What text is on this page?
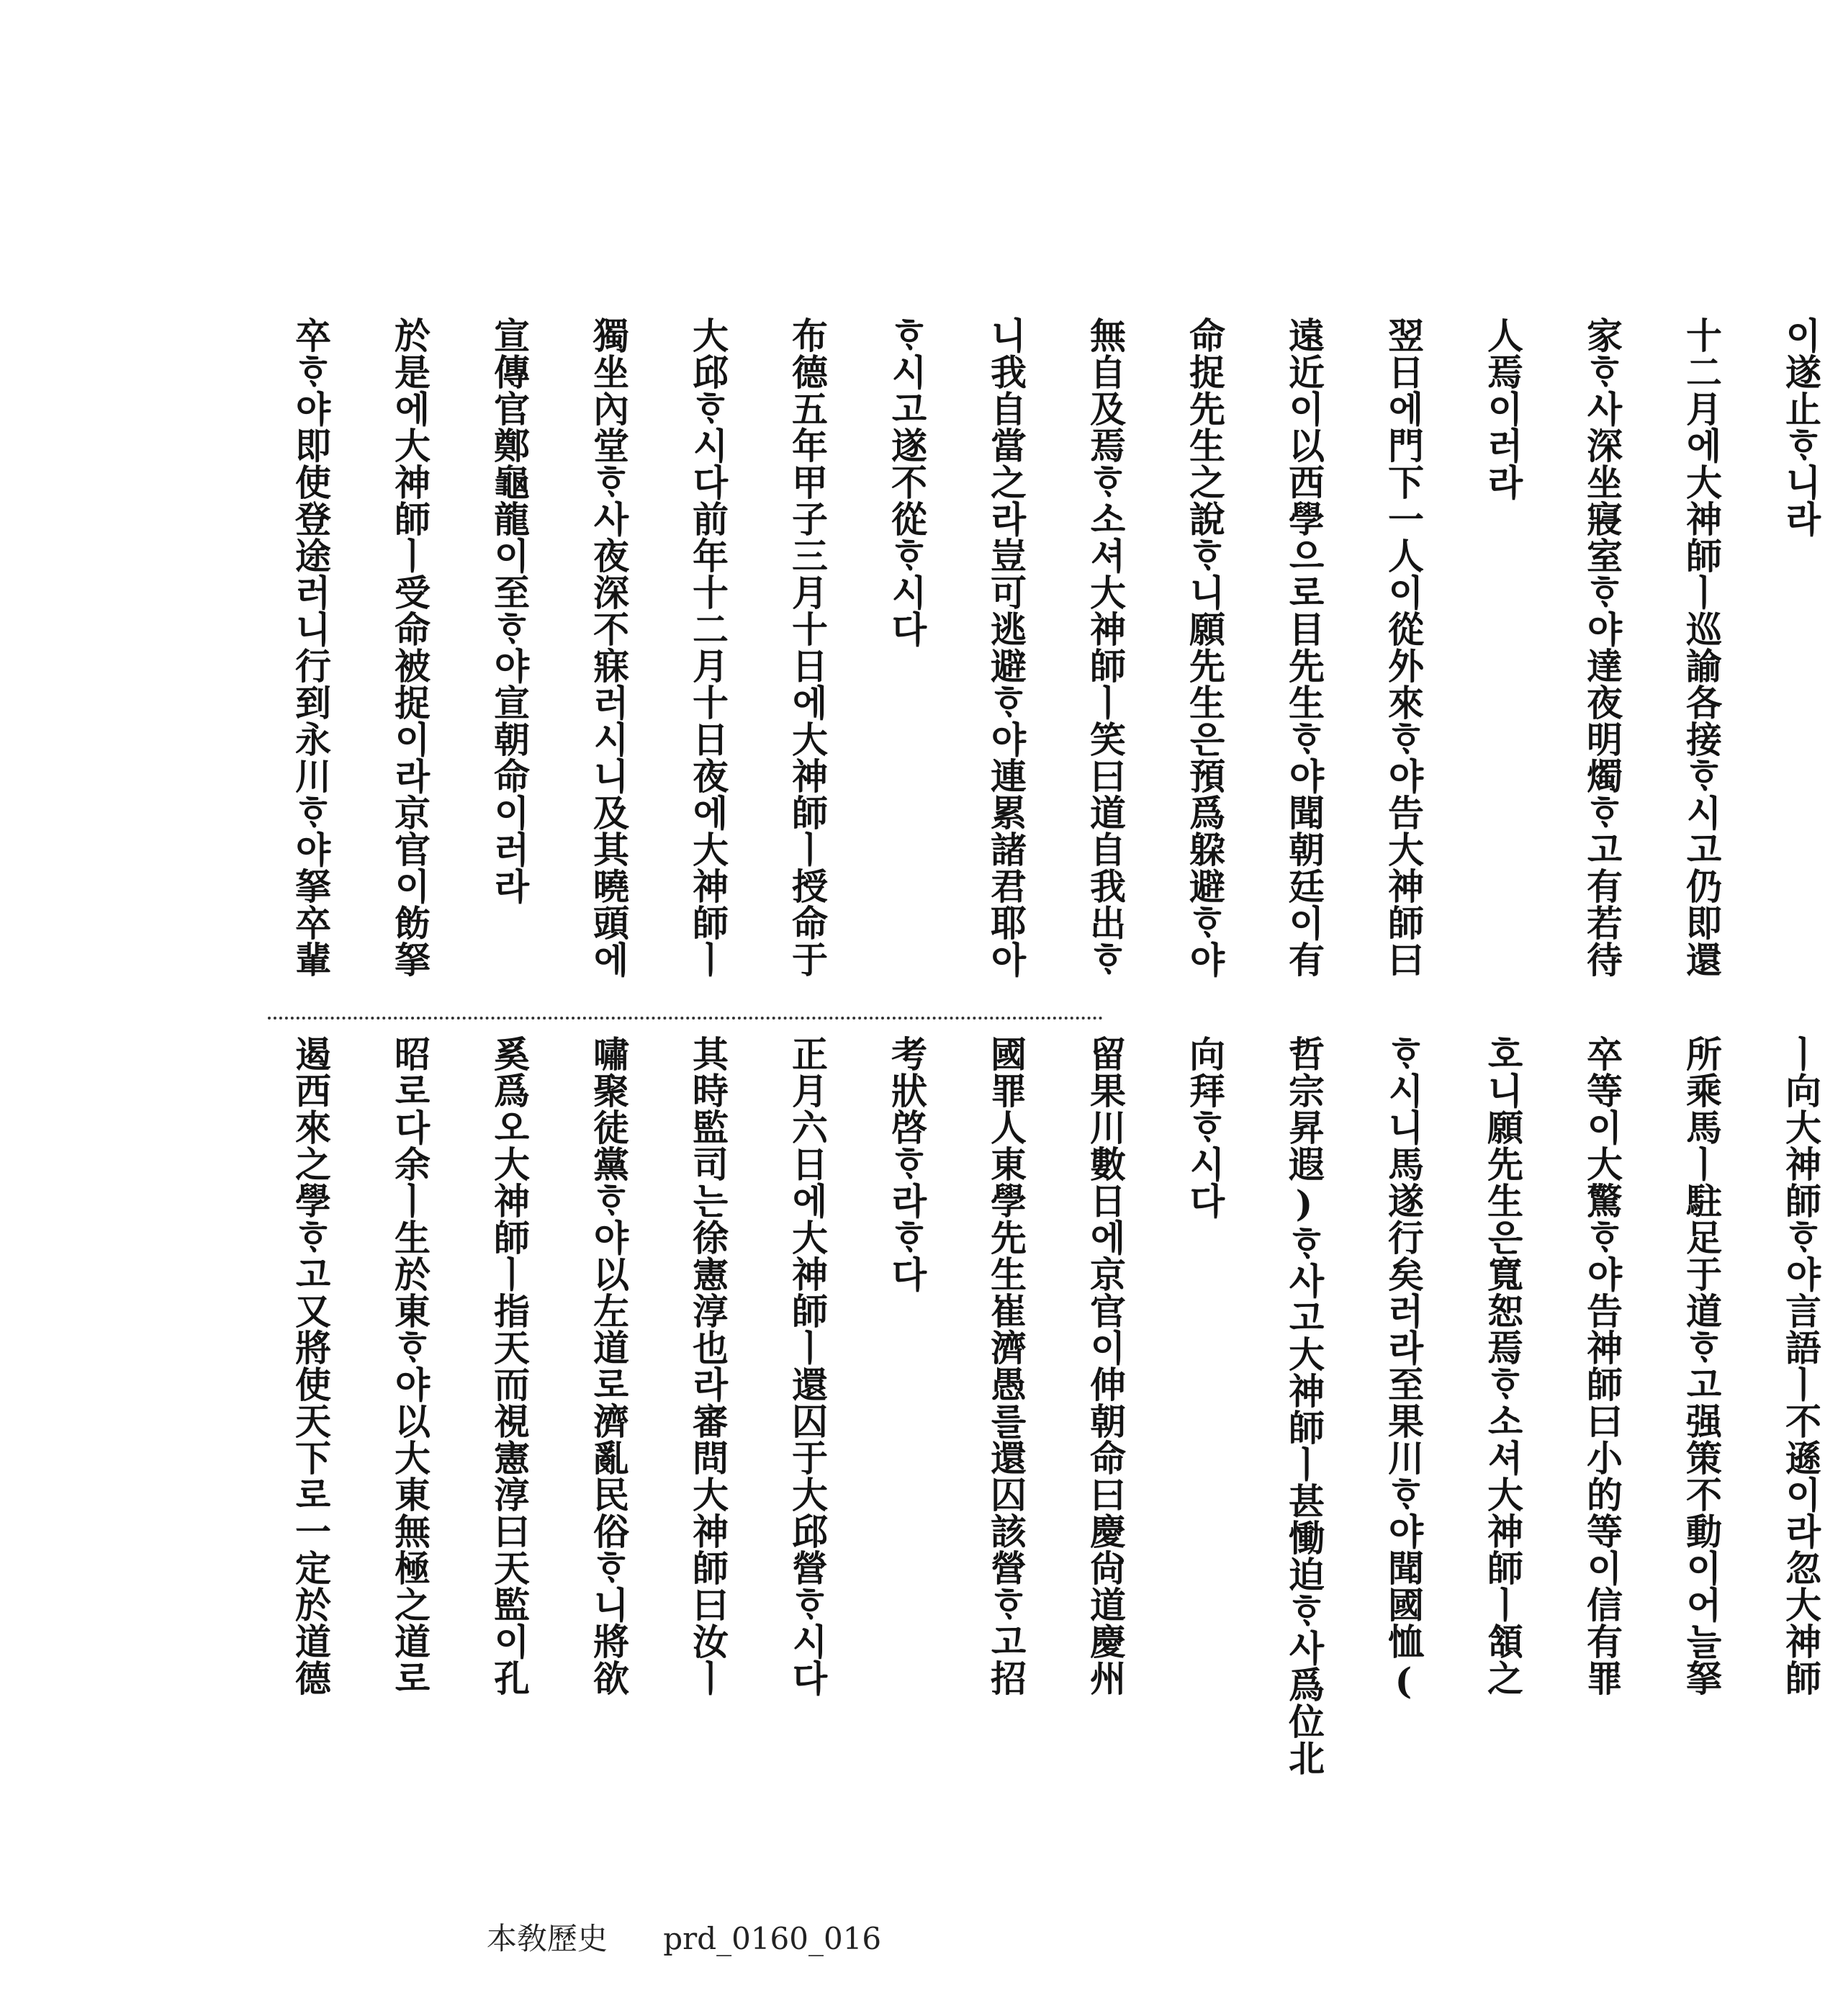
이遂止ᄒᆞ니라
十二月에大神師ㅣ巡諭各接ᄒᆞ시고仍即還
家ᄒᆞ사深坐寢室ᄒᆞ야達夜明燭ᄒᆞ고有若待
人焉이러라
翌日에門下一人이從外來ᄒᆞ야告大神師曰
遠近이以西學으로目先生ᄒᆞ야聞朝廷이有
命捉先生之說ᄒᆞ니願先生은預爲躱避ᄒᆞ야
無自及焉ᄒᆞ소셔大神師ㅣ笑曰道自我出ᄒᆞ
니我自當之라豈可逃避ᄒᆞ야連累諸君耶아
ᄒᆞ시고遂不從ᄒᆞ시다
布德五年甲子三月十日에大神師ㅣ授命于
大邱ᄒᆞ시다前年十二月十日夜에大神師ㅣ
獨坐內堂ᄒᆞ사夜深不寐러시니及其曉頭에
宣傳官鄭龜龍이至ᄒᆞ야宣朝命이러라
於是에大神師ㅣ受命被捉이라京官이飭拏
卒ᄒᆞ야即使登途러니行到永川ᄒᆞ야拏卒輩
ㅣ向大神師ᄒᆞ야言語ㅣ不遜이라忽大神師
所乘馬ㅣ駐足于道ᄒᆞ고强策不動이어늘拏
卒等이大驚ᄒᆞ야告神師曰小的等이信有罪
호니願先生은寬恕焉ᄒᆞ소셔大神師ㅣ頷之
ᄒᆞ시니馬遂行矣러라至果川ᄒᆞ야聞國恤(
哲宗昇遐)ᄒᆞ사고大神師ㅣ甚慟迫ᄒᆞ사爲位北
向拜ᄒᆞ시다
留果川數日에京官이伸朝命曰慶尙道慶州
國罪人東學先生崔濟愚를還囚該營ᄒᆞ고招
考狀啓ᄒᆞ라ᄒᆞ다
正月六日에大神師ㅣ還囚于大邱營ᄒᆞ시다
其時監司는徐憲淳也라審問大神師曰汝ㅣ
嘯聚徒黨ᄒᆞ야以左道로濟亂民俗ᄒᆞ니將欲
奚爲오大神師ㅣ指天而視憲淳曰天監이孔
昭로다余ㅣ生於東ᄒᆞ야以大東無極之道로
遏西來之學ᄒᆞ고又將使天下로一定於道德
本敎歷史 prd_0160_016
